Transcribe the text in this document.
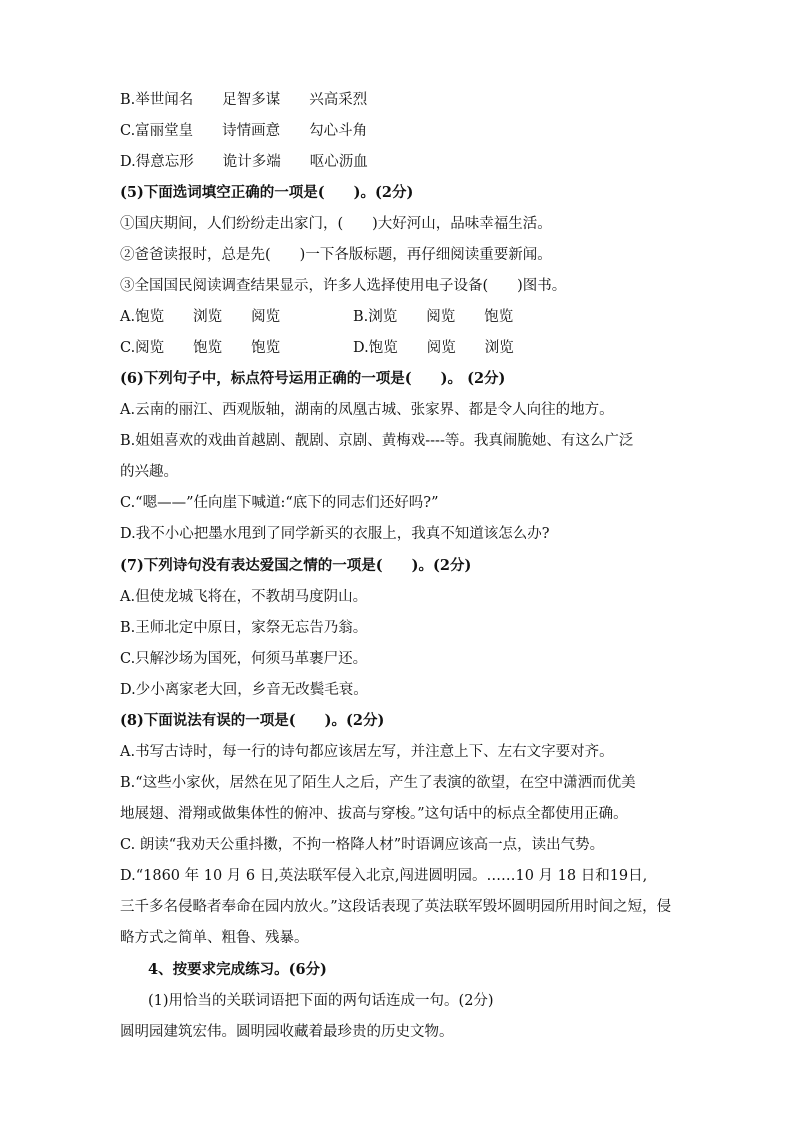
B.举世闻名　　足智多谋　　兴高采烈
C.富丽堂皇　　诗情画意　　勾心斗角
D.得意忘形　　诡计多端　　呕心沥血
(5)下面选词填空正确的一项是(　　)。(2分)
①国庆期间，人们纷纷走出家门，(　　)大好河山，品味幸福生活。
②爸爸读报时，总是先(　　)一下各版标题，再仔细阅读重要新闻。
③全国国民阅读调查结果显示，许多人选择使用电子设备(　　)图书。
A.饱览　　浏览　　阅览	B.浏览　　阅览　　饱览
C.阅览　　饱览　　饱览	D.饱览　　阅览　　浏览
(6)下列句子中，标点符号运用正确的一项是(　　)。 (2分)
A.云南的丽江、西观版轴，湖南的凤凰古城、张家界、都是令人向往的地方。
B.姐姐喜欢的戏曲首越剧、靓剧、京剧、黄梅戏----等。我真闹脆她、有这么广泛
的兴趣。
C.“嗯——”任向崖下喊道:“底下的同志们还好吗?”
D.我不小心把墨水甩到了同学新买的衣服上，我真不知道该怎么办?
(7)下列诗句没有表达爱国之情的一项是(　　)。(2分)
A.但使龙城飞将在，不教胡马度阴山。
B.王师北定中原日，家祭无忘告乃翁。
C.只解沙场为国死，何须马革裹尸还。
D.少小离家老大回，乡音无改鬓毛衰。
(8)下面说法有误的一项是(　　)。(2分)
A.书写古诗时，每一行的诗句都应该居左写，并注意上下、左右文字要对齐。
B.“这些小家伙，居然在见了陌生人之后，产生了表演的欲望，在空中潇洒而优美
地展翅、滑翔或做集体性的俯冲、拔高与穿梭。”这句话中的标点全都使用正确。
C. 朗读“我劝天公重抖擞，不拘一格降人材”时语调应该高一点，读出气势。
D.“1860 年 10 月 6 日,英法联军侵入北京,闯进圆明园。……10 月 18 日和19日,
三千多名侵略者奉命在园内放火。”这段话表现了英法联军毁坏圆明园所用时间之短，侵
略方式之简单、粗鲁、残暴。
4、按要求完成练习。(6分)
(1)用恰当的关联词语把下面的两句话连成一句。(2分)
圆明园建筑宏伟。圆明园收藏着最珍贵的历史文物。
